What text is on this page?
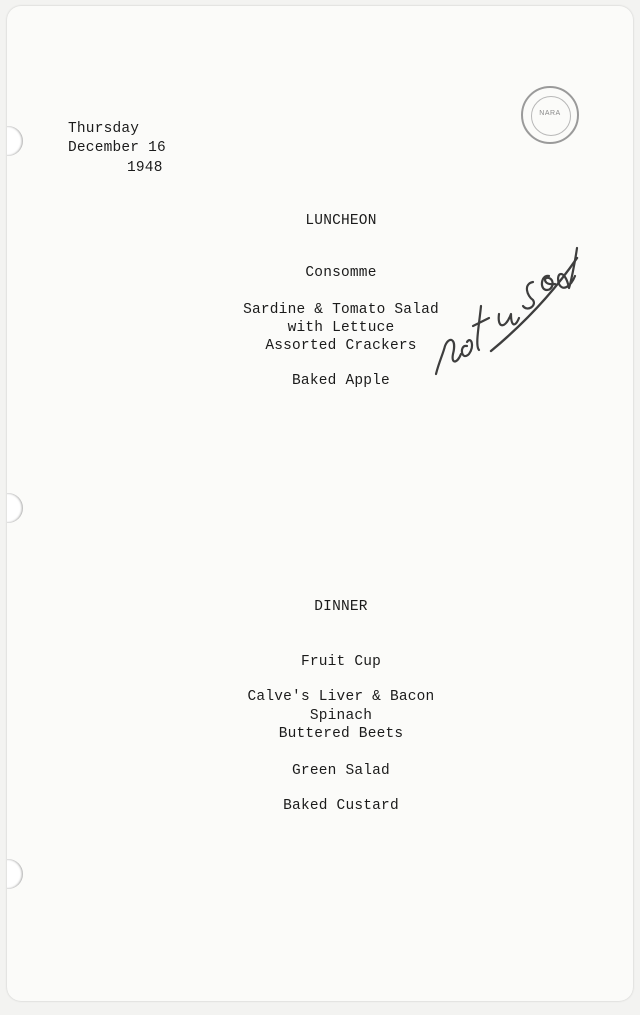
Thursday
December 16
1948
NARA
LUNCHEON
Consomme
Sardine & Tomato Salad
with Lettuce
Assorted Crackers
Baked Apple
DINNER
Fruit Cup
Calve's Liver & Bacon
Spinach
Buttered Beets
Green Salad
Baked Custard
